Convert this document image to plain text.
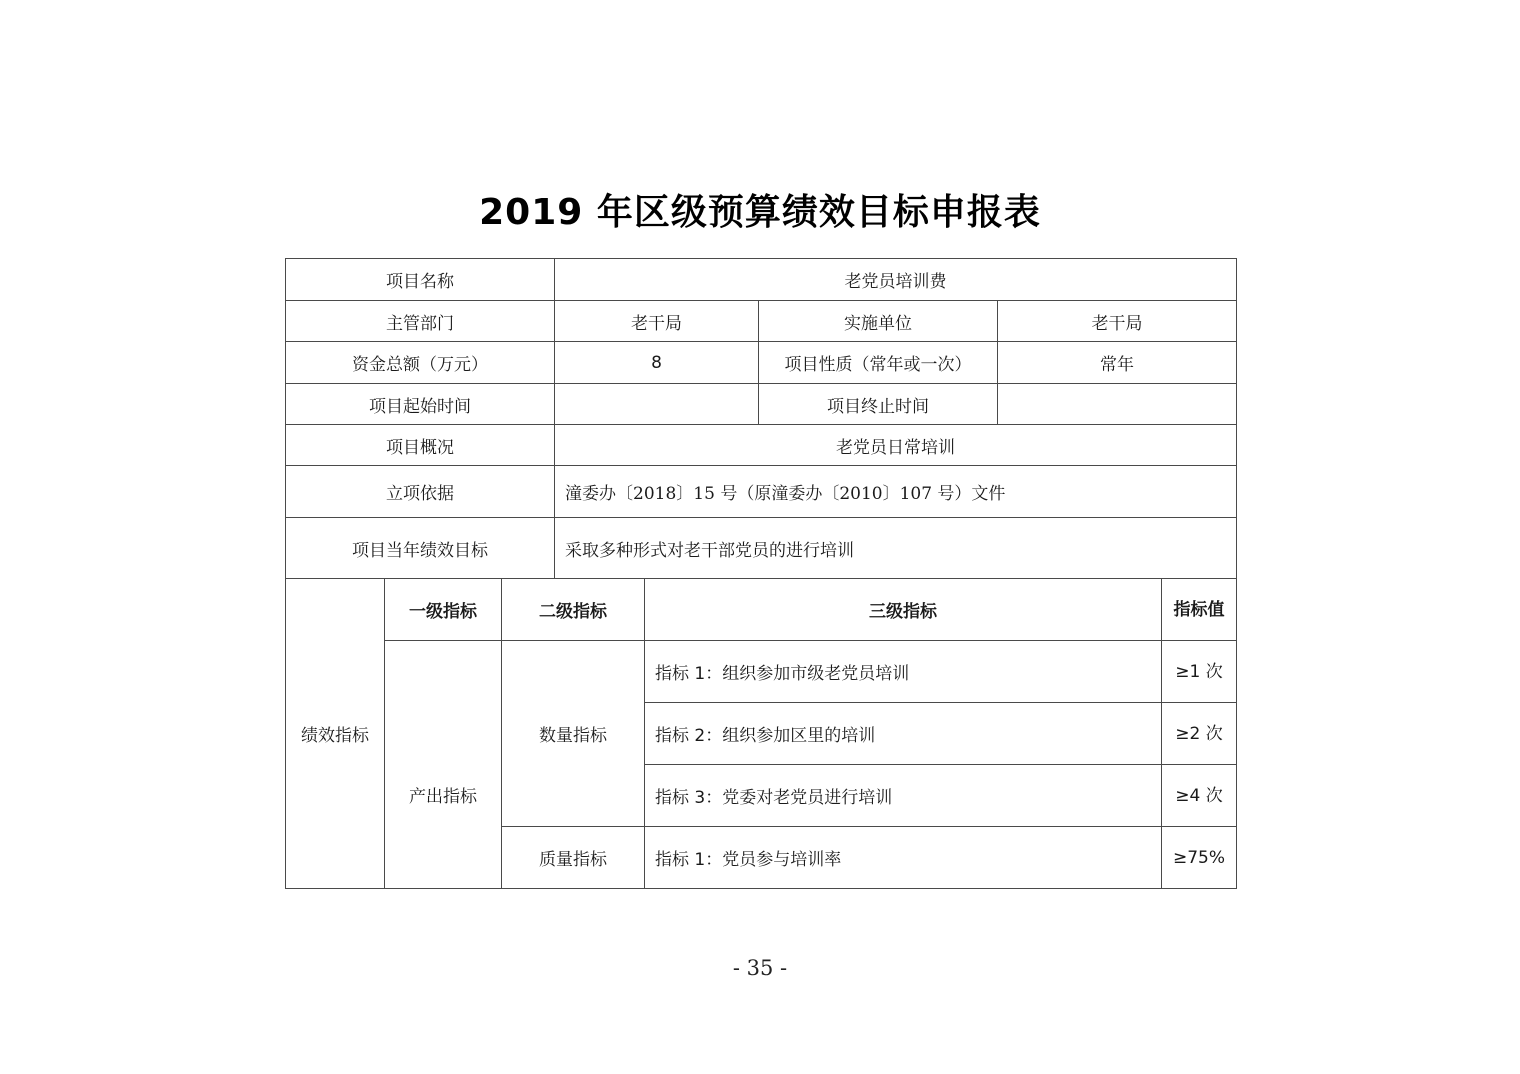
2019 年区级预算绩效目标申报表
项目名称			老党员培训费				
主管部门			老干局		实施单位	老干局	
资金总额（万元）			8		项目性质（常年或一次）	常年	
项目起始时间					项目终止时间		
项目概况			老党员日常培训				
立项依据			潼委办〔2018〕15 号（原潼委办〔2010〕107 号）文件				
项目当年绩效目标			采取多种形式对老干部党员的进行培训				
绩效指标	一级指标	二级指标		三级指标			指标值
	产出指标	数量指标		指标 1：组织参加市级老党员培训			≥1 次
				指标 2：组织参加区里的培训			≥2 次
				指标 3：党委对老党员进行培训			≥4 次
		质量指标		指标 1：党员参与培训率			≥75%
- 35 -
